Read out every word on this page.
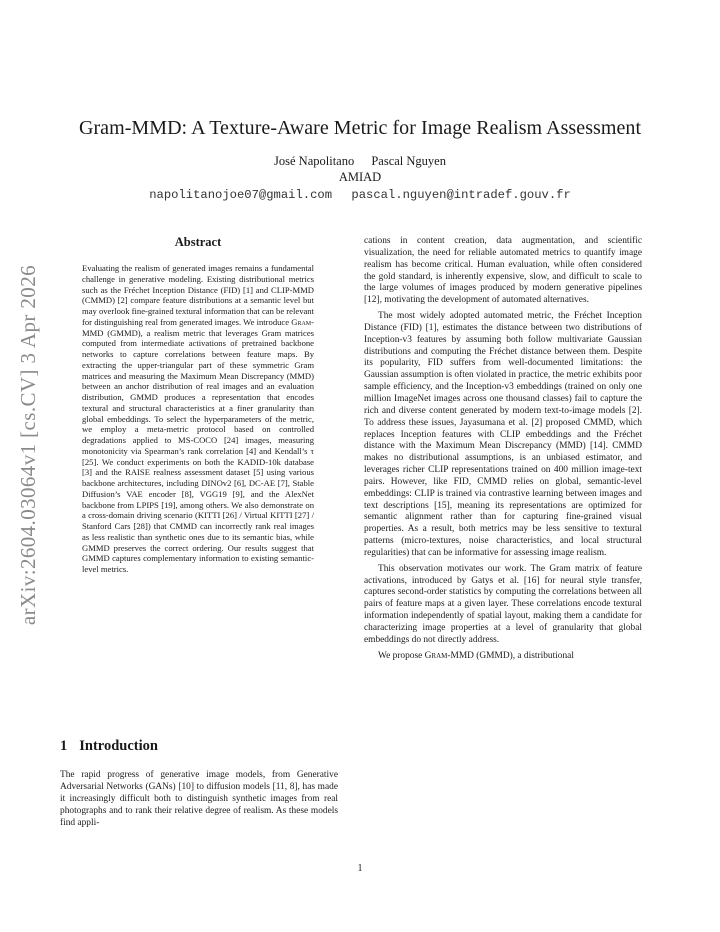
arXiv:2604.03064v1 [cs.CV] 3 Apr 2026
Gram-MMD: A Texture-Aware Metric for Image Realism Assessment
José Napolitano Pascal Nguyen
AMIAD
napolitanojoe07@gmail.com pascal.nguyen@intradef.gouv.fr
Abstract
Evaluating the realism of generated images remains a fundamental challenge in generative modeling. Existing distributional metrics such as the Fréchet Inception Distance (FID) [1] and CLIP-MMD (CMMD) [2] compare feature distributions at a semantic level but may overlook fine-grained textural information that can be relevant for distinguishing real from generated images. We introduce Gram-MMD (GMMD), a realism metric that leverages Gram matrices computed from intermediate activations of pretrained backbone networks to capture correlations between feature maps. By extracting the upper-triangular part of these symmetric Gram matrices and measuring the Maximum Mean Discrepancy (MMD) between an anchor distribution of real images and an evaluation distribution, GMMD produces a representation that encodes textural and structural characteristics at a finer granularity than global embeddings. To select the hyperparameters of the metric, we employ a meta-metric protocol based on controlled degradations applied to MS-COCO [24] images, measuring monotonicity via Spearman’s rank correlation [4] and Kendall’s τ [25]. We conduct experiments on both the KADID-10k database [3] and the RAISE realness assessment dataset [5] using various backbone architectures, including DINOv2 [6], DC-AE [7], Stable Diffusion’s VAE encoder [8], VGG19 [9], and the AlexNet backbone from LPIPS [19], among others. We also demonstrate on a cross-domain driving scenario (KITTI [26] / Virtual KITTI [27] / Stanford Cars [28]) that CMMD can incorrectly rank real images as less realistic than synthetic ones due to its semantic bias, while GMMD preserves the correct ordering. Our results suggest that GMMD captures complementary information to existing semantic-level metrics.
1 Introduction
The rapid progress of generative image models, from Generative Adversarial Networks (GANs) [10] to diffusion models [11, 8], has made it increasingly difficult both to distinguish synthetic images from real photographs and to rank their relative degree of realism. As these models find appli-

cations in content creation, data augmentation, and scientific visualization, the need for reliable automated metrics to quantify image realism has become critical. Human evaluation, while often considered the gold standard, is inherently expensive, slow, and difficult to scale to the large volumes of images produced by modern generative pipelines [12], motivating the development of automated alternatives.

The most widely adopted automated metric, the Fréchet Inception Distance (FID) [1], estimates the distance between two distributions of Inception-v3 features by assuming both follow multivariate Gaussian distributions and computing the Fréchet distance between them. Despite its popularity, FID suffers from well-documented limitations: the Gaussian assumption is often violated in practice, the metric exhibits poor sample efficiency, and the Inception-v3 embeddings (trained on only one million ImageNet images across one thousand classes) fail to capture the rich and diverse content generated by modern text-to-image models [2]. To address these issues, Jayasumana et al. [2] proposed CMMD, which replaces Inception features with CLIP embeddings and the Fréchet distance with the Maximum Mean Discrepancy (MMD) [14]. CMMD makes no distributional assumptions, is an unbiased estimator, and leverages richer CLIP representations trained on 400 million image-text pairs. However, like FID, CMMD relies on global, semantic-level embeddings: CLIP is trained via contrastive learning between images and text descriptions [15], meaning its representations are optimized for semantic alignment rather than for capturing fine-grained visual properties. As a result, both metrics may be less sensitive to textural patterns (micro-textures, noise characteristics, and local structural regularities) that can be informative for assessing image realism.

This observation motivates our work. The Gram matrix of feature activations, introduced by Gatys et al. [16] for neural style transfer, captures second-order statistics by computing the correlations between all pairs of feature maps at a given layer. These correlations encode textural information independently of spatial layout, making them a candidate for characterizing image properties at a level of granularity that global embeddings do not directly address.

We propose Gram-MMD (GMMD), a distributional

1
